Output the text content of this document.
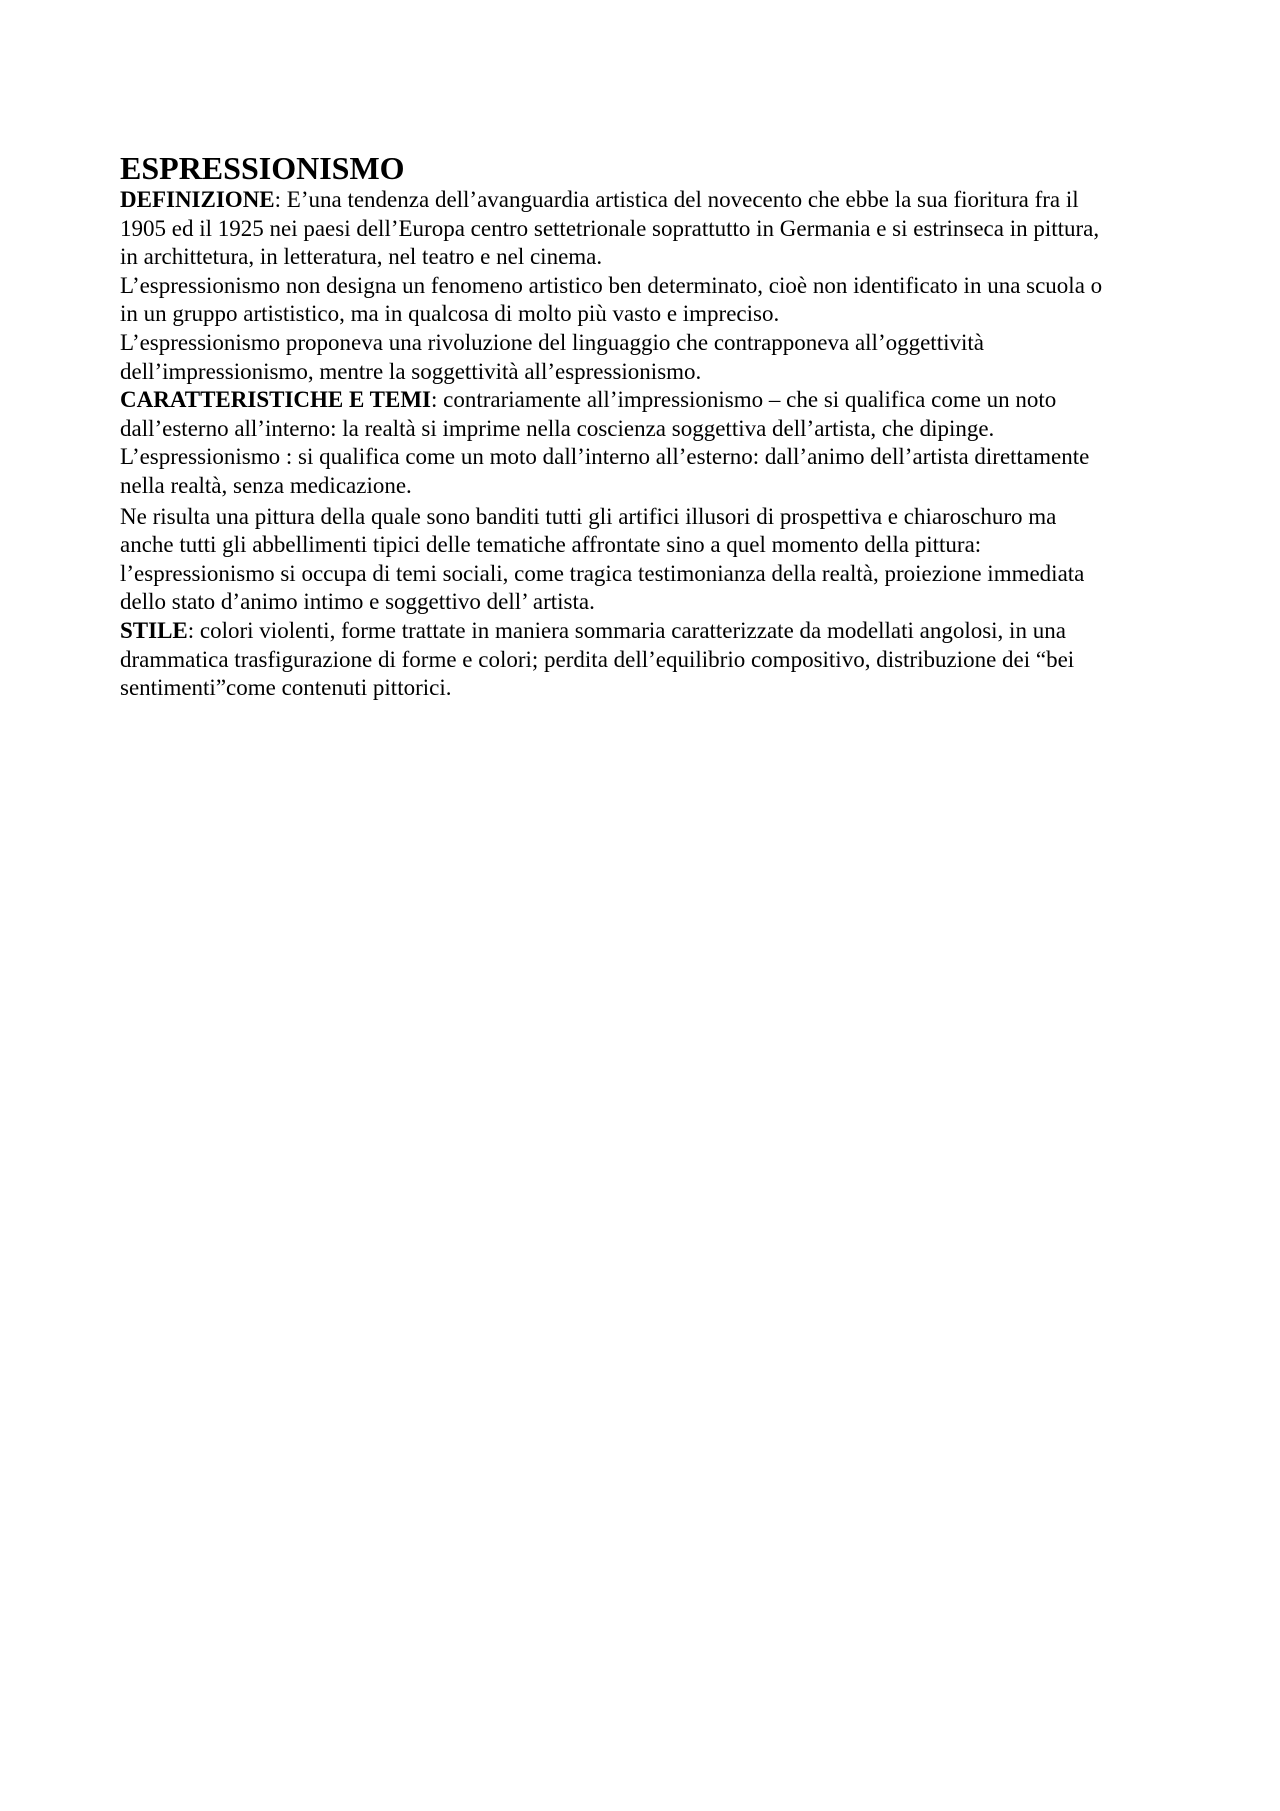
ESPRESSIONISMO

DEFINIZIONE: E’una tendenza dell’avanguardia artistica del novecento che ebbe la sua fioritura fra il 1905 ed il 1925 nei paesi dell’Europa centro settetrionale soprattutto in Germania e si estrinseca in pittura, in archittetura, in letteratura, nel teatro e nel cinema.

L’espressionismo non designa un fenomeno artistico ben determinato, cioè non identificato in una scuola o in un gruppo artististico, ma in qualcosa di molto più vasto e impreciso.

L’espressionismo proponeva una rivoluzione del linguaggio che contrapponeva all’oggettività dell’impressionismo, mentre la soggettività all’espressionismo.

CARATTERISTICHE E TEMI: contrariamente all’impressionismo – che si qualifica come un noto dall’esterno all’interno: la realtà si imprime nella coscienza soggettiva dell’artista, che dipinge.

L’espressionismo : si qualifica come un moto dall’interno all’esterno: dall’animo dell’artista direttamente nella realtà, senza medicazione.

Ne risulta una pittura della quale sono banditi tutti gli artifici illusori di prospettiva e chiaroschuro ma anche tutti gli abbellimenti tipici delle tematiche affrontate sino a quel momento della pittura: l’espressionismo si occupa di temi sociali, come tragica testimonianza della realtà, proiezione immediata dello stato d’animo intimo e soggettivo dell’ artista.

STILE: colori violenti, forme trattate in maniera sommaria caratterizzate da modellati angolosi, in una drammatica trasfigurazione di forme e colori; perdita dell’equilibrio compositivo, distribuzione dei “bei sentimenti”come contenuti pittorici.
